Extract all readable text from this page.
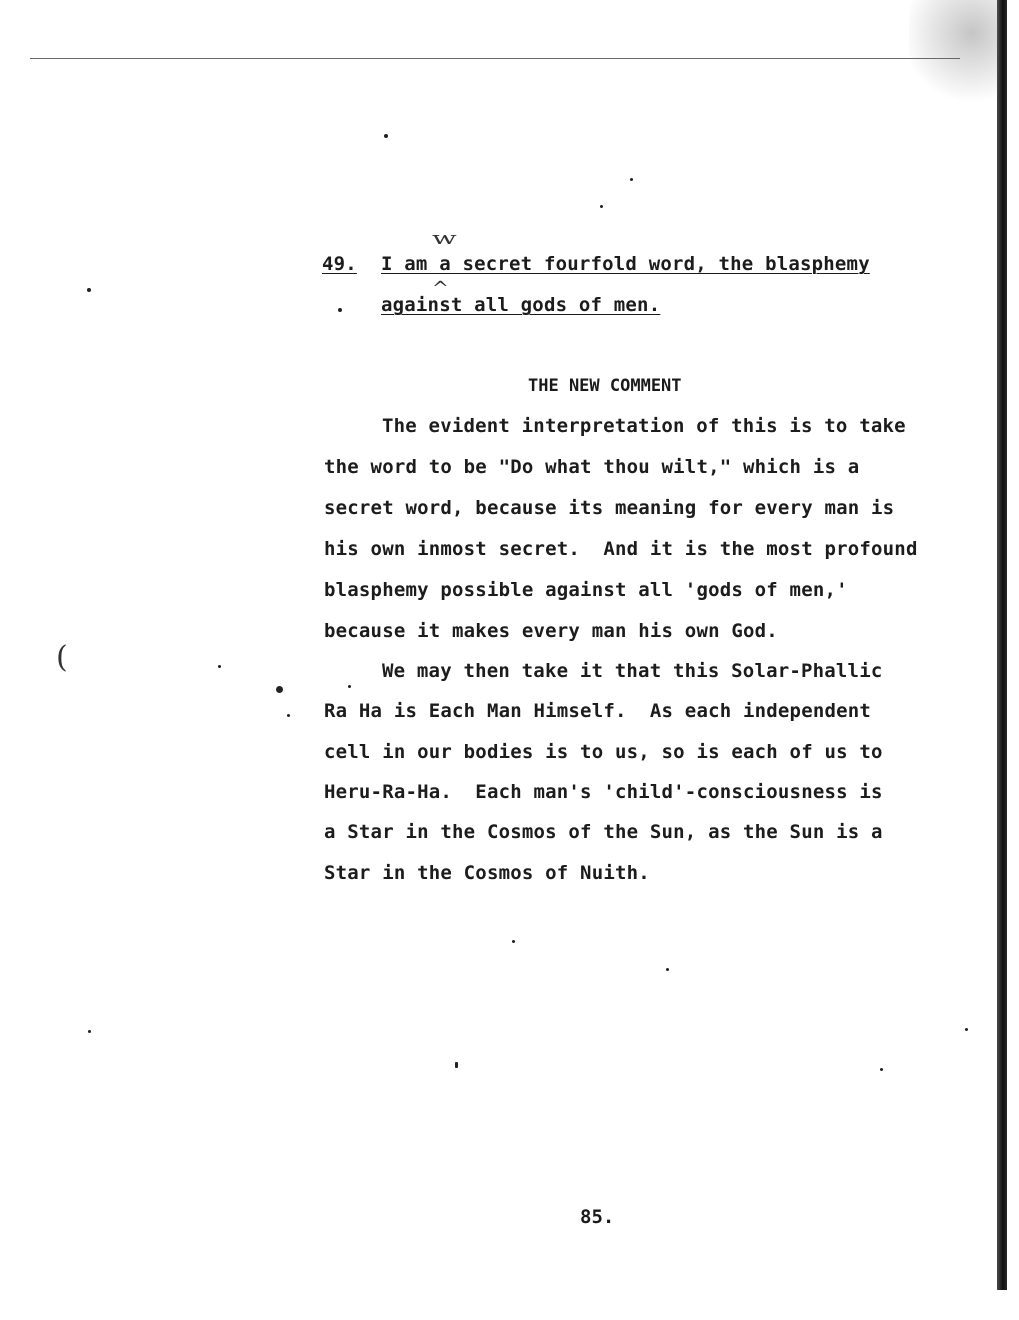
w
^
49. I am a secret fourfold word, the blasphemy
against all gods of men.
THE NEW COMMENT
The evident interpretation of this is to take
the word to be "Do what thou wilt," which is a
secret word, because its meaning for every man is
his own inmost secret.  And it is the most profound
blasphemy possible against all 'gods of men,'
because it makes every man his own God.
We may then take it that this Solar-Phallic
Ra Ha is Each Man Himself.  As each independent
cell in our bodies is to us, so is each of us to
Heru-Ra-Ha.  Each man's 'child'-consciousness is
a Star in the Cosmos of the Sun, as the Sun is a
Star in the Cosmos of Nuith.
85.
(
